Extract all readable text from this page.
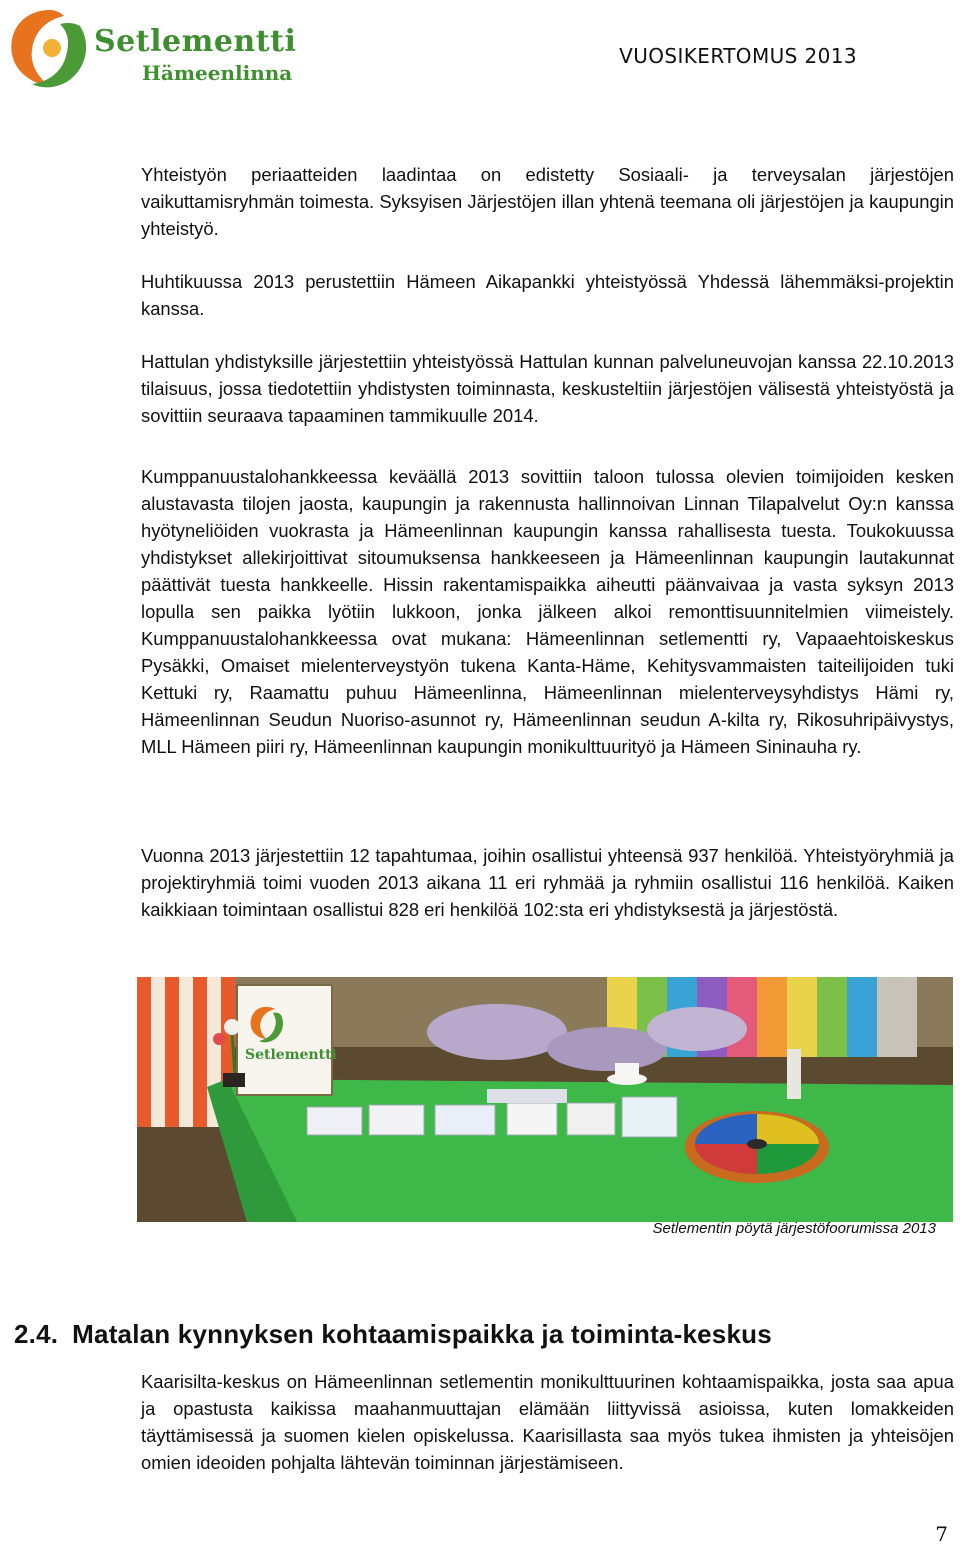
Setlementti
Hämeenlinna
VUOSIKERTOMUS 2013

Yhteistyön periaatteiden laadintaa on edistetty Sosiaali- ja terveysalan järjestöjen vaikuttamisryhmän toimesta. Syksyisen Järjestöjen illan yhtenä teemana oli järjestöjen ja kaupungin yhteistyö.

Huhtikuussa 2013 perustettiin Hämeen Aikapankki yhteistyössä Yhdessä lähemmäksi-projektin kanssa.

Hattulan yhdistyksille järjestettiin yhteistyössä Hattulan kunnan palveluneuvojan kanssa 22.10.2013 tilaisuus, jossa tiedotettiin yhdistysten toiminnasta, keskusteltiin järjestöjen välisestä yhteistyöstä ja sovittiin seuraava tapaaminen tammikuulle 2014.

Kumppanuustalohankkeessa keväällä 2013 sovittiin taloon tulossa olevien toimijoiden kesken alustavasta tilojen jaosta, kaupungin ja rakennusta hallinnoivan Linnan Tilapalvelut Oy:n kanssa hyötyneliöiden vuokrasta ja Hämeenlinnan kaupungin kanssa rahallisesta tuesta. Toukokuussa yhdistykset allekirjoittivat sitoumuksensa hankkeeseen ja Hämeenlinnan kaupungin lautakunnat päättivät tuesta hankkeelle. Hissin rakentamispaikka aiheutti päänvaivaa ja vasta syksyn 2013 lopulla sen paikka lyötiin lukkoon, jonka jälkeen alkoi remonttisuunnitelmien viimeistely. Kumppanuustalohankkeessa ovat mukana: Hämeenlinnan setlementti ry, Vapaaehtoiskeskus Pysäkki, Omaiset mielenterveystyön tukena Kanta-Häme, Kehitysvammaisten taiteilijoiden tuki Kettuki ry, Raamattu puhuu Hämeenlinna, Hämeenlinnan mielenterveysyhdistys Hämi ry, Hämeenlinnan Seudun Nuoriso-asunnot ry, Hämeenlinnan seudun A-kilta ry, Rikosuhripäivystys, MLL Hämeen piiri ry, Hämeenlinnan kaupungin monikulttuurityö ja Hämeen Sininauha ry.

Vuonna 2013 järjestettiin 12 tapahtumaa, joihin osallistui yhteensä 937 henkilöä. Yhteistyöryhmiä ja projektiryhmiä toimi vuoden 2013 aikana 11 eri ryhmää ja ryhmiin osallistui 116 henkilöä. Kaiken kaikkiaan toimintaan osallistui 828 eri henkilöä 102:sta eri yhdistyksestä ja järjestöstä.

Setlementti
Setlementin pöytä järjestöfoorumissa 2013
2.4. Matalan kynnyksen kohtaamispaikka ja toiminta-keskus

Kaarisilta-keskus on Hämeenlinnan setlementin monikulttuurinen kohtaamispaikka, josta saa apua ja opastusta kaikissa maahanmuuttajan elämään liittyvissä asioissa, kuten lomakkeiden täyttämisessä ja suomen kielen opiskelussa. Kaarisillasta saa myös tukea ihmisten ja yhteisöjen omien ideoiden pohjalta lähtevän toiminnan järjestämiseen.

7
